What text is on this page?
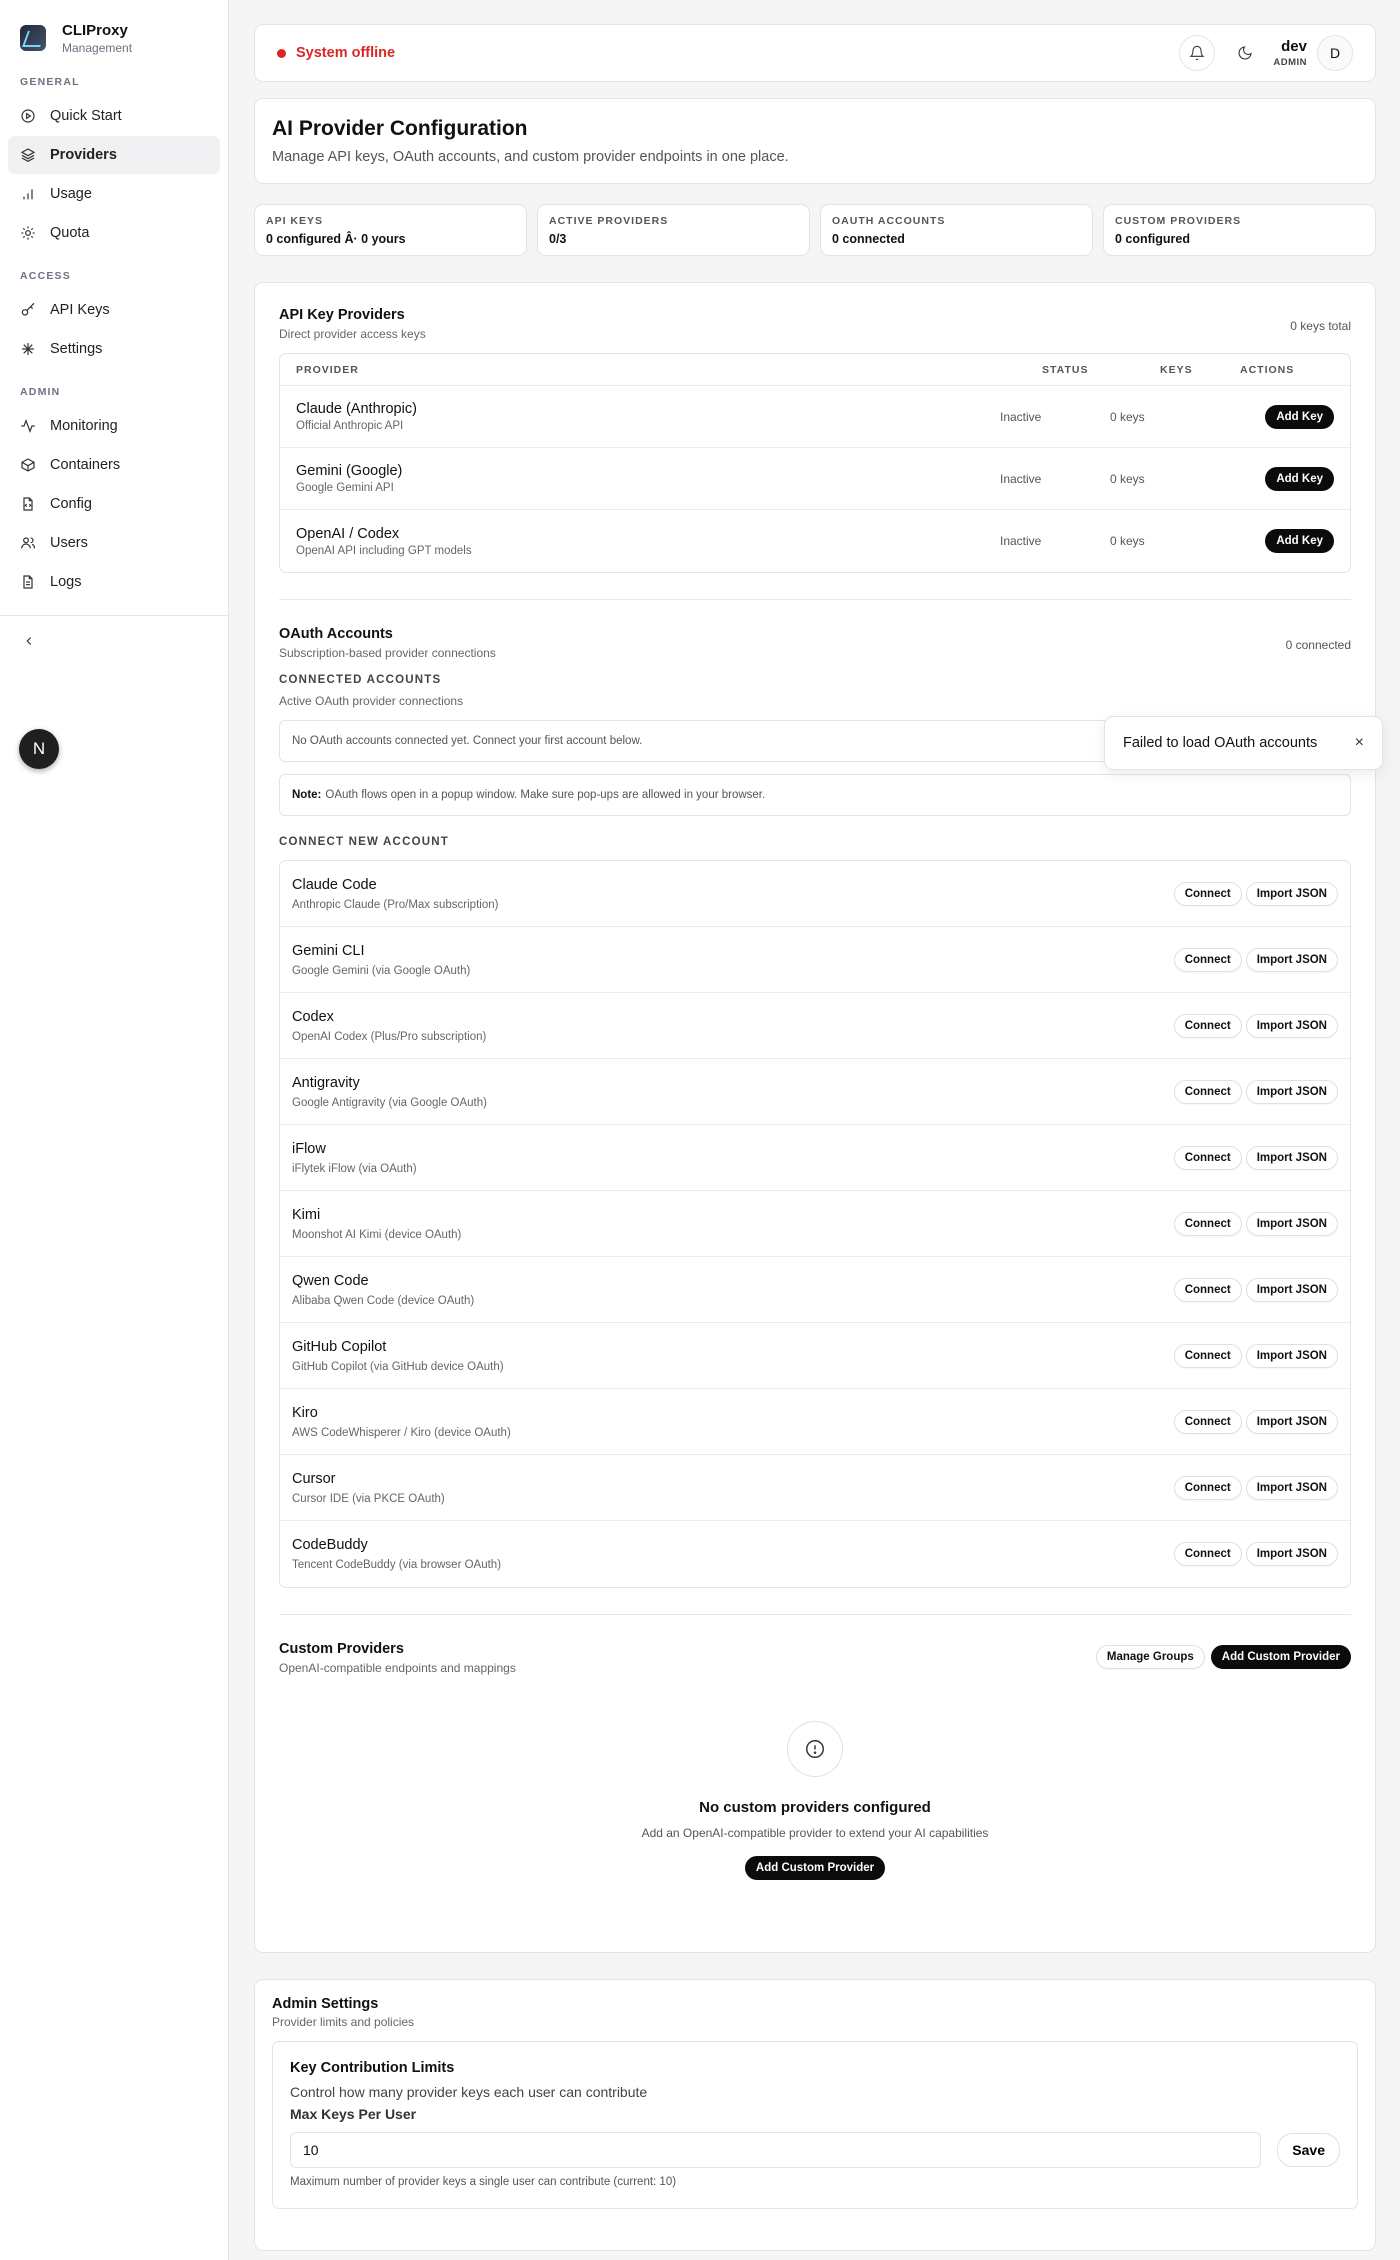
CLIProxy
Management
GENERAL
Quick Start
Providers
Usage
Quota
ACCESS
API Keys
Settings
ADMIN
Monitoring
Containers
Config
Users
Logs
N
System offline	dev
ADMIN
D
AI Provider Configuration
Manage API keys, OAuth accounts, and custom provider endpoints in one place.
API KEYS
0 configured Â· 0 yours
ACTIVE PROVIDERS
0/3
OAUTH ACCOUNTS
0 connected
CUSTOM PROVIDERS
0 configured
API Key Providers
Direct provider access keys
0 keys total
PROVIDER	STATUS	KEYS	ACTIONS
Claude (Anthropic)
Official Anthropic API
Inactive	0 keys	Add Key
Gemini (Google)
Google Gemini API
Inactive	0 keys	Add Key
OpenAI / Codex
OpenAI API including GPT models
Inactive	0 keys	Add Key
OAuth Accounts
Subscription-based provider connections
0 connected
CONNECTED ACCOUNTS
Active OAuth provider connections
No OAuth accounts connected yet. Connect your first account below.
Note: OAuth flows open in a popup window. Make sure pop-ups are allowed in your browser.
CONNECT NEW ACCOUNT
Claude Code
Anthropic Claude (Pro/Max subscription)
Connect	Import JSON
Gemini CLI
Google Gemini (via Google OAuth)
Connect	Import JSON
Codex
OpenAI Codex (Plus/Pro subscription)
Connect	Import JSON
Antigravity
Google Antigravity (via Google OAuth)
Connect	Import JSON
iFlow
iFlytek iFlow (via OAuth)
Connect	Import JSON
Kimi
Moonshot AI Kimi (device OAuth)
Connect	Import JSON
Qwen Code
Alibaba Qwen Code (device OAuth)
Connect	Import JSON
GitHub Copilot
GitHub Copilot (via GitHub device OAuth)
Connect	Import JSON
Kiro
AWS CodeWhisperer / Kiro (device OAuth)
Connect	Import JSON
Cursor
Cursor IDE (via PKCE OAuth)
Connect	Import JSON
CodeBuddy
Tencent CodeBuddy (via browser OAuth)
Connect	Import JSON
Custom Providers
OpenAI-compatible endpoints and mappings
Manage Groups	Add Custom Provider
No custom providers configured
Add an OpenAI-compatible provider to extend your AI capabilities
Add Custom Provider
Admin Settings
Provider limits and policies
Key Contribution Limits
Control how many provider keys each user can contribute
Max Keys Per User
10
Save
Maximum number of provider keys a single user can contribute (current: 10)
Failed to load OAuth accounts ×
